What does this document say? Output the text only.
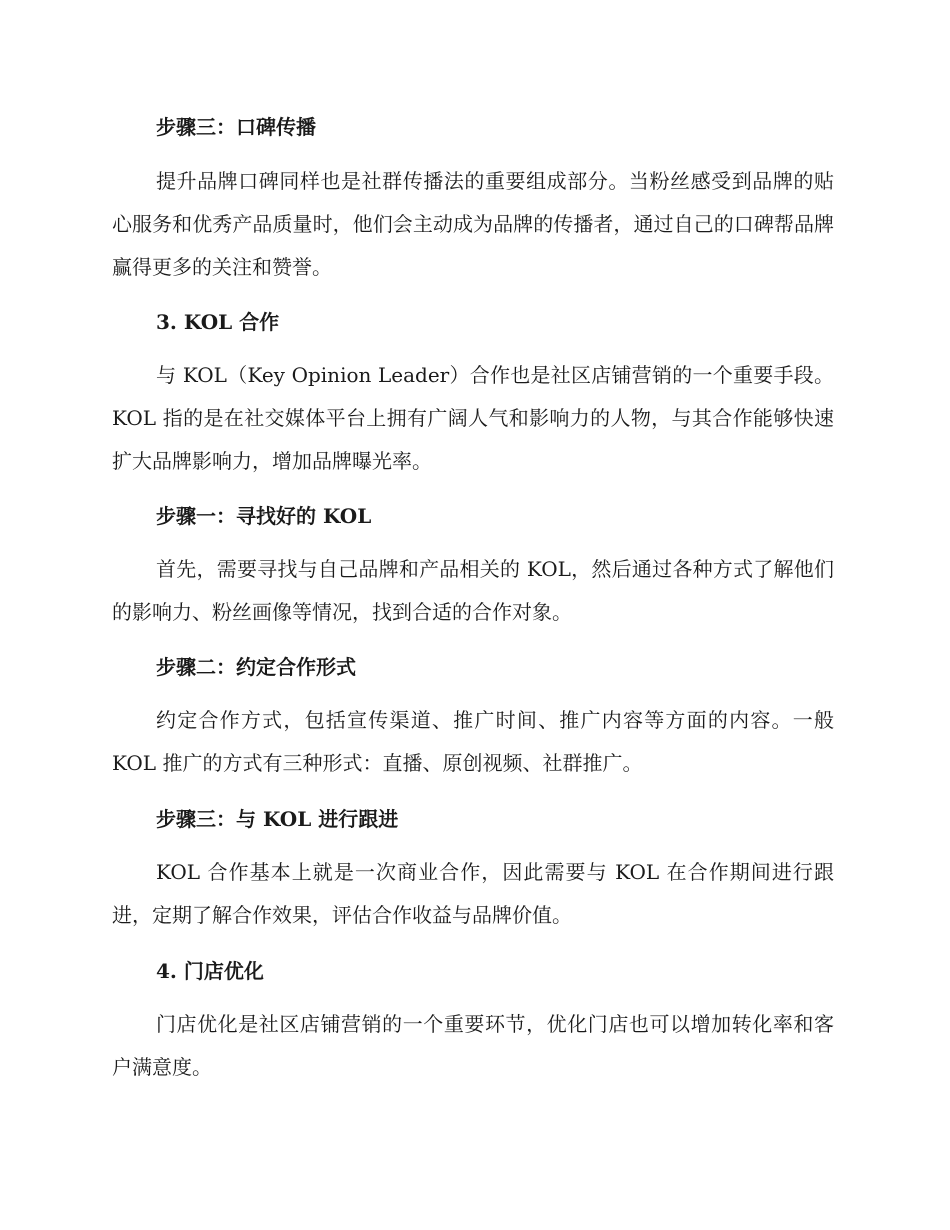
步骤三：口碑传播

提升品牌口碑同样也是社群传播法的重要组成部分。当粉丝感受到品牌的贴心服务和优秀产品质量时，他们会主动成为品牌的传播者，通过自己的口碑帮品牌赢得更多的关注和赞誉。

3. KOL 合作

与 KOL（Key Opinion Leader）合作也是社区店铺营销的一个重要手段。KOL 指的是在社交媒体平台上拥有广阔人气和影响力的人物，与其合作能够快速扩大品牌影响力，增加品牌曝光率。

步骤一：寻找好的 KOL

首先，需要寻找与自己品牌和产品相关的 KOL，然后通过各种方式了解他们的影响力、粉丝画像等情况，找到合适的合作对象。

步骤二：约定合作形式

约定合作方式，包括宣传渠道、推广时间、推广内容等方面的内容。一般 KOL 推广的方式有三种形式：直播、原创视频、社群推广。

步骤三：与 KOL 进行跟进

KOL 合作基本上就是一次商业合作，因此需要与 KOL 在合作期间进行跟进，定期了解合作效果，评估合作收益与品牌价值。

4. 门店优化

门店优化是社区店铺营销的一个重要环节，优化门店也可以增加转化率和客户满意度。
